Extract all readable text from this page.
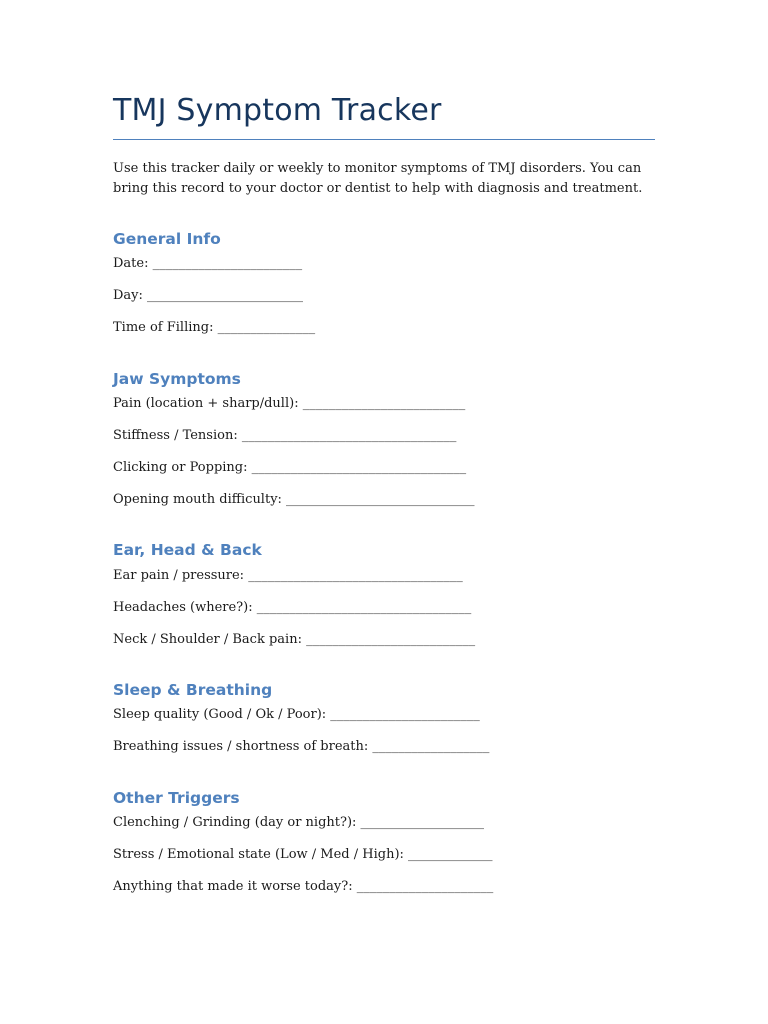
TMJ Symptom Tracker

Use this tracker daily or weekly to monitor symptoms of TMJ disorders. You can bring this record to your doctor or dentist to help with diagnosis and treatment.

General Info
Date: _______________________
Day: ________________________
Time of Filling: _______________
Jaw Symptoms
Pain (location + sharp/dull): _________________________
Stiffness / Tension: _________________________________
Clicking or Popping: _________________________________
Opening mouth difficulty: _____________________________
Ear, Head & Back
Ear pain / pressure: _________________________________
Headaches (where?): _________________________________
Neck / Shoulder / Back pain: __________________________
Sleep & Breathing
Sleep quality (Good / Ok / Poor): _______________________
Breathing issues / shortness of breath: __________________
Other Triggers
Clenching / Grinding (day or night?): ___________________
Stress / Emotional state (Low / Med / High): _____________
Anything that made it worse today?: _____________________
